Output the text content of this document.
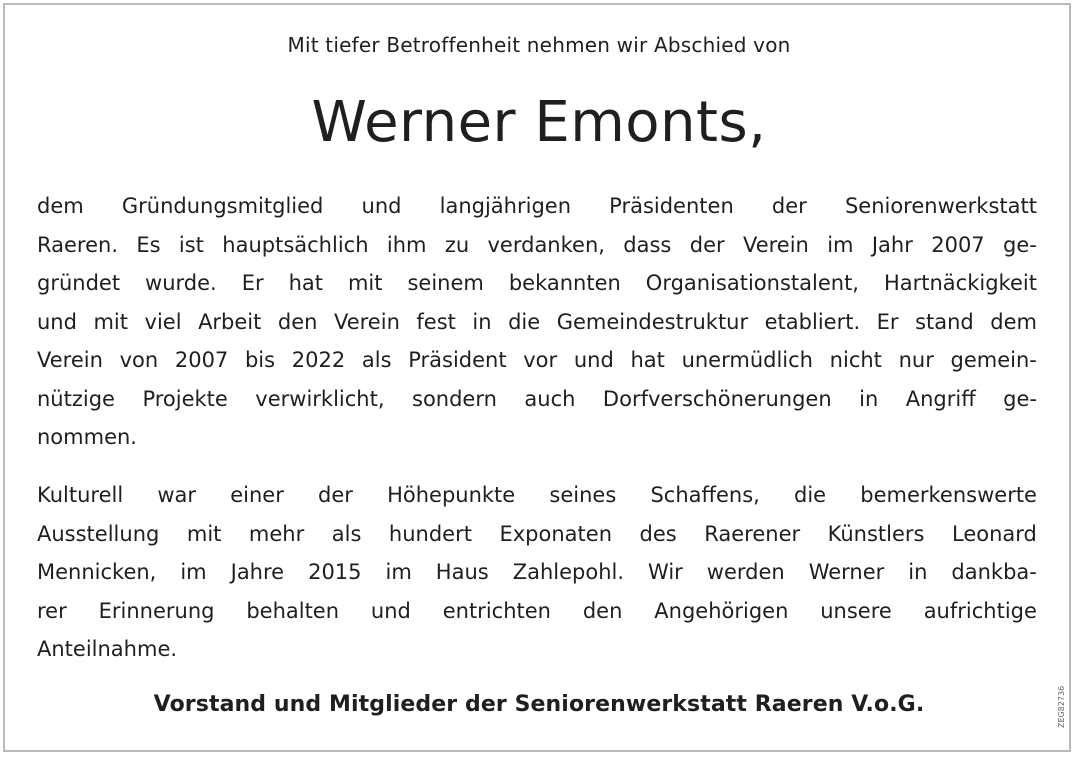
Mit tiefer Betroffenheit nehmen wir Abschied von
Werner Emonts,
dem Gründungsmitglied und langjährigen Präsidenten der Seniorenwerkstatt
Raeren. Es ist hauptsächlich ihm zu verdanken, dass der Verein im Jahr 2007 ge-
gründet wurde. Er hat mit seinem bekannten Organisationstalent, Hartnäckigkeit
und mit viel Arbeit den Verein fest in die Gemeindestruktur etabliert. Er stand dem
Verein von 2007 bis 2022 als Präsident vor und hat unermüdlich nicht nur gemein-
nützige Projekte verwirklicht, sondern auch Dorfverschönerungen in Angriff ge-
nommen.
Kulturell war einer der Höhepunkte seines Schaffens, die bemerkenswerte
Ausstellung mit mehr als hundert Exponaten des Raerener Künstlers Leonard
Mennicken, im Jahre 2015 im Haus Zahlepohl. Wir werden Werner in dankba-
rer Erinnerung behalten und entrichten den Angehörigen unsere aufrichtige
Anteilnahme.
Vorstand und Mitglieder der Seniorenwerkstatt Raeren V.o.G.	ZEG82736
